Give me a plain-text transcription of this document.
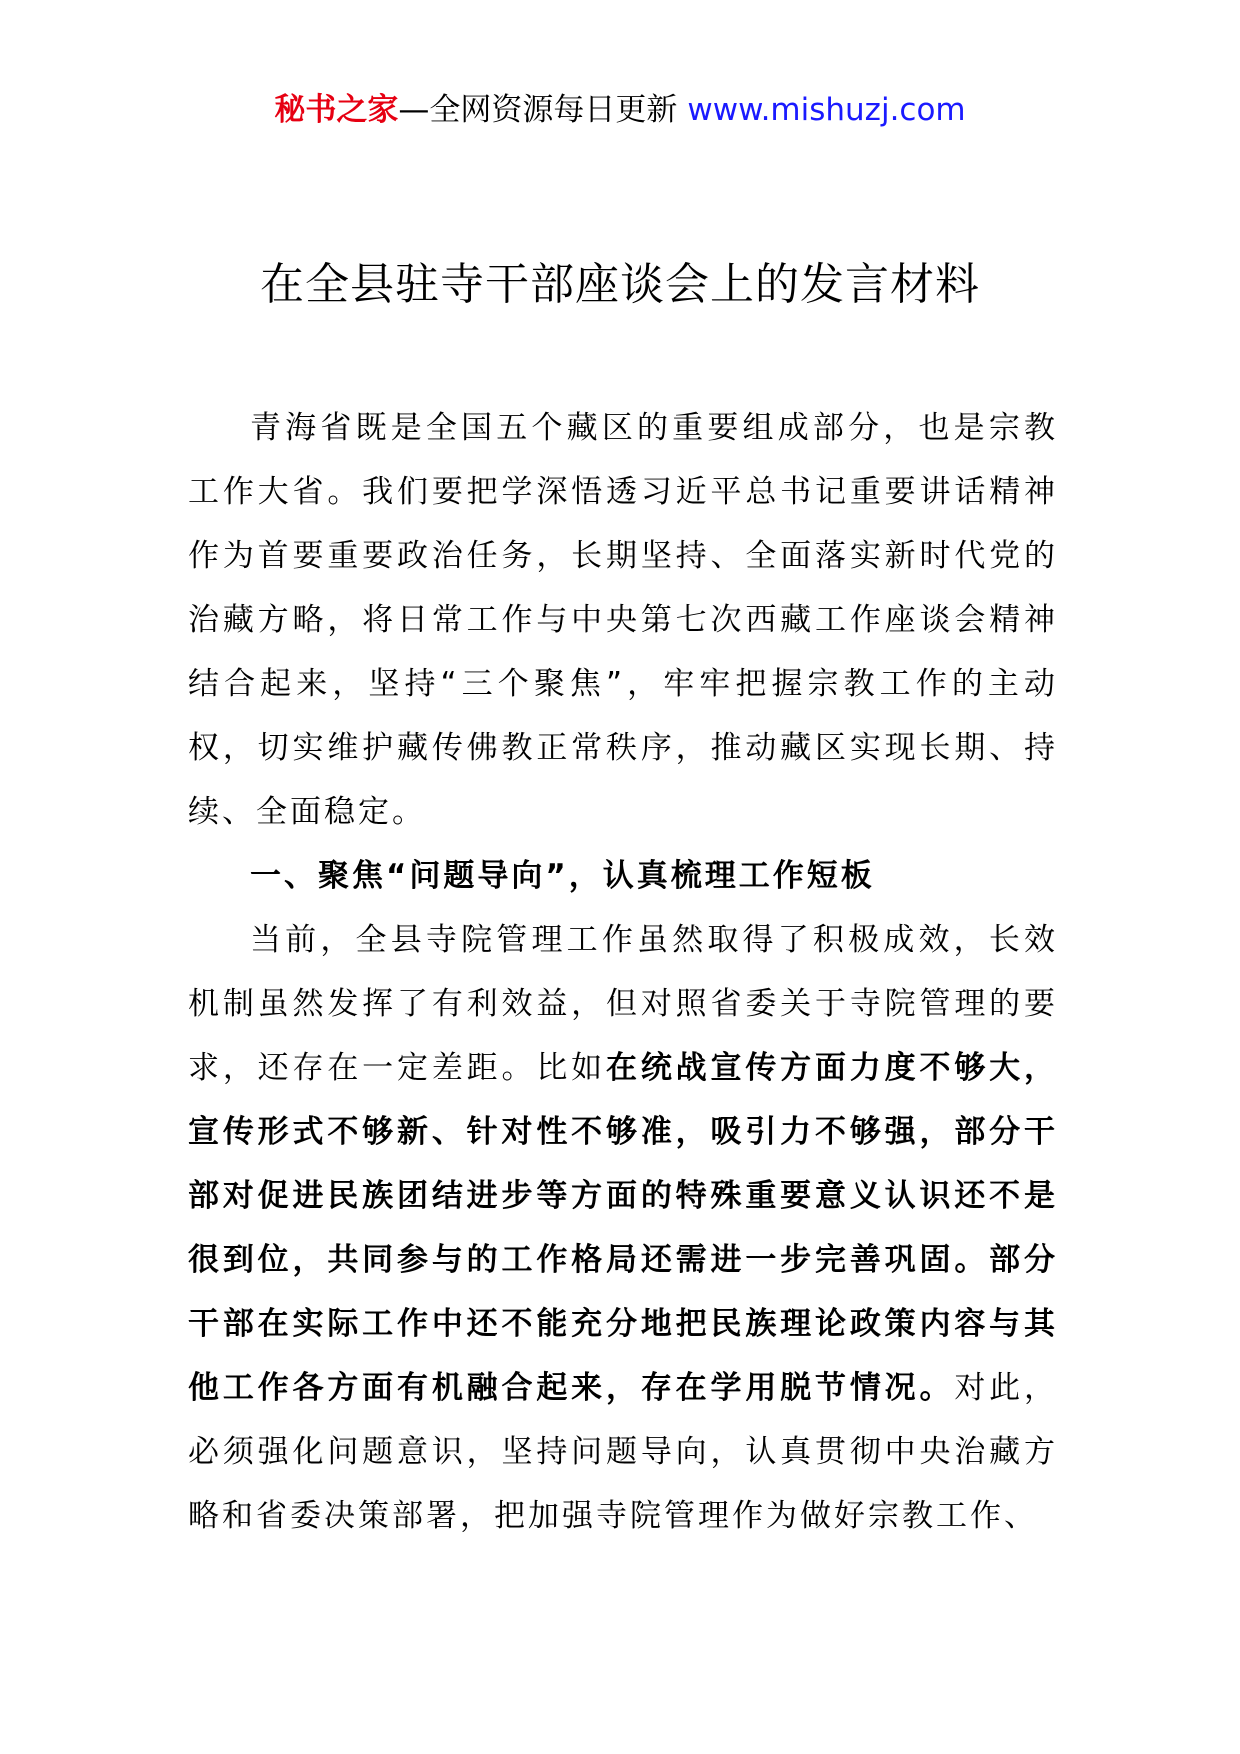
秘书之家—全网资源每日更新 www.mishuzj.com
在全县驻寺干部座谈会上的发言材料

青海省既是全国五个藏区的重要组成部分，也是宗教工作大省。我们要把学深悟透习近平总书记重要讲话精神作为首要重要政治任务，长期坚持、全面落实新时代党的治藏方略，将日常工作与中央第七次西藏工作座谈会精神结合起来，坚持“三个聚焦”，牢牢把握宗教工作的主动权，切实维护藏传佛教正常秩序，推动藏区实现长期、持续、全面稳定。

一、聚焦“问题导向”，认真梳理工作短板

当前，全县寺院管理工作虽然取得了积极成效，长效机制虽然发挥了有利效益，但对照省委关于寺院管理的要求，还存在一定差距。比如在统战宣传方面力度不够大，宣传形式不够新、针对性不够准，吸引力不够强，部分干部对促进民族团结进步等方面的特殊重要意义认识还不是很到位，共同参与的工作格局还需进一步完善巩固。部分干部在实际工作中还不能充分地把民族理论政策内容与其他工作各方面有机融合起来，存在学用脱节情况。对此，必须强化问题意识，坚持问题导向，认真贯彻中央治藏方略和省委决策部署，把加强寺院管理作为做好宗教工作、
